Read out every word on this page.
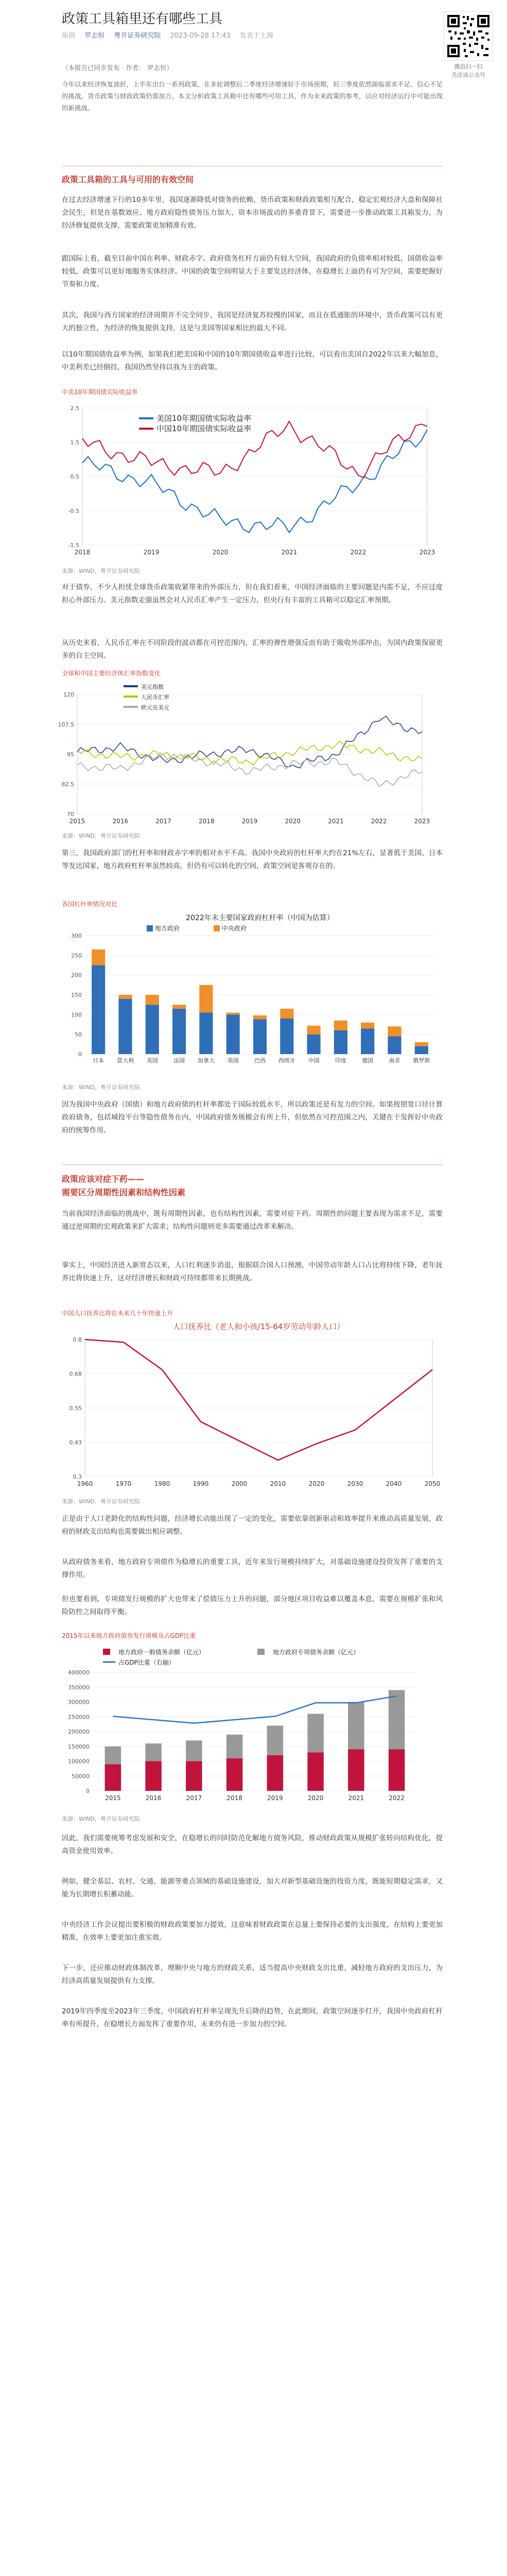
政策工具箱里还有哪些工具
原创 罗志恒 粤开证券研究院 2023-09-28 17:43 发表于上海
微信扫一扫
关注该公众号
（本报告已同步发布 · 作者： 罗志恒）
今年以来经济恢复波折，上半年出台一系列政策，在多轮调整后二季度经济增速好于市场预期，但三季度依然面临需求不足、信心不足的挑战，货币政策与财政政策仍需加力。本文分析政策工具箱中还有哪些可用工具，作为未来政策的参考，以应对经济运行中可能出现的新挑战。
政策工具箱的工具与可用的有效空间
在过去经济增速下行的10多年里，我国逐渐降低对债务的依赖，货币政策和财政政策相互配合，稳定宏观经济大盘和保障社会民生，但是在基数效应、地方政府隐性债务压力加大、资本市场波动的多重背景下，需要进一步推动政策工具箱发力，为经济修复提供支撑，需要政策更加精准有效。
跟国际上看，截至目前中国在利率、财政赤字、政府债务杠杆方面仍有较大空间，我国政府的负债率相对较低，国债收益率较低，政策可以更好地服务实体经济。中国的政策空间明显大于主要发达经济体，在稳增长上面仍有可为空间，需要把握好节奏和力度。
其次，我国与西方国家的经济周期并不完全同步，我国是经济复苏较慢的国家，而且在低通胀的环境中，货币政策可以有更大的独立性，为经济的恢复提供支持，这是与美国等国家相比的最大不同。
以10年期国债收益率为例，如果我们把美国和中国的10年期国债收益率进行比较，可以看出美国自2022年以来大幅加息，中美利差已经倒挂，我国仍然坚持以我为主的政策。
中美10年期国债实际收益率
-1.5
-0.5
0.5
1.5
2.5
2018	2019	2020	2021	2022	2023
美国10年期国债实际收益率
中国10年期国债实际收益率
来源：WIND，粤开证券研究院
对于债券，不少人担忧全球货币政策收紧带来的外部压力，但在我们看来，中国经济面临的主要问题是内需不足，不应过度担心外部压力。美元指数走强虽然会对人民币汇率产生一定压力，但央行有丰富的工具箱可以稳定汇率预期。
从历史来看，人民币汇率在不同阶段的波动都在可控范围内，汇率的弹性增强反而有助于吸收外部冲击，为国内政策保留更多的自主空间。
全球和中国主要经济体汇率指数变化
70
82.5
95
107.5
120
2015	2016	2017	2018	2019	2020	2021	2022	2023
美元指数
人民币汇率
欧元兑美元
来源：WIND，粤开证券研究院
第三，我国政府部门的杠杆率和财政赤字率的相对水平不高。我国中央政府的杠杆率大约在21%左右，显著低于美国、日本等发达国家，地方政府杠杆率虽然较高，但仍有可以转化的空间，政策空间是客观存在的。
各国杠杆率情况对比
2022年末主要国家政府杠杆率（中国为估算）
地方政府	中央政府
0
50
100
150
200
250
300
日本 意大利 美国	法国 加拿大 英国	巴西 西班牙 中国	印度	德国	南非 俄罗斯
来源：WIND，粤开证券研究院
因为我国中央政府（国债）和地方政府债的杠杆率都处于国际较低水平，所以政策还是有发力的空间。如果按照宽口径计算政府债务，包括城投平台等隐性债务在内，中国政府债务规模会有所上升，但依然在可控范围之内，关键在于发挥好中央政府的统筹作用。
政策应该对症下药——
需要区分周期性因素和结构性因素
当前我国经济面临的挑战中，既有周期性因素，也有结构性因素，需要对症下药。周期性的问题主要表现为需求不足，需要通过逆周期的宏观政策来扩大需求；结构性问题则更多需要通过改革来解决。
事实上，中国经济进入新常态以来，人口红利逐步消退，根据联合国人口预测，中国劳动年龄人口占比将持续下降，老年抚养比将快速上升，这对经济增长和财政可持续都带来长期挑战。
中国人口抚养比将在未来几十年快速上升
0.3
0.43
0.55
0.68
0.8
1960	1970	1980	1990	2000	2010	2020	2030	2040	2050
人口抚养比（老人和小孩/15-64岁劳动年龄人口）
来源：WIND，粤开证券研究院
正是由于人口老龄化的结构性问题，经济增长动能出现了一定的变化，需要依靠创新驱动和效率提升来推动高质量发展，政府的财政支出结构也需要做出相应调整。
从政府债务来看，地方政府专项债作为稳增长的重要工具，近年来发行规模持续扩大，对基础设施建设投资发挥了重要的支撑作用。
但也要看到，专项债发行规模的扩大也带来了偿债压力上升的问题，部分地区项目收益难以覆盖本息，需要在规模扩张和风险防控之间取得平衡。
2015年以来地方政府债券发行规模及占GDP比重
地方政府一般债务余额（亿元）	地方政府专项债务余额（亿元）
占GDP比重（右轴）
0
50000
100000
150000
200000
250000
300000
350000
400000
2015	2016	2017	2018	2019	2020	2021	2022
来源：WIND，粤开证券研究院
因此，我们需要统筹考虑发展和安全，在稳增长的同时防范化解地方债务风险，推动财政政策从规模扩张转向结构优化，提高资金使用效率。
例如，健全基层、农村、交通、能源等重点领域的基础设施建设，加大对新型基础设施的投资力度，既能短期稳定需求，又能为长期增长积蓄动能。
中央经济工作会议提出要积极的财政政策要加力提效，这意味着财政政策在总量上要保持必要的支出强度，在结构上要更加精准，在效率上要更加注重实效。
下一步，还应推动财政体制改革，理顺中央与地方的财政关系，适当提高中央财政支出比重，减轻地方政府的支出压力，为经济高质量发展提供有力支撑。
2019年四季度至2023年三季度，中国政府杠杆率呈现先升后降的趋势，在此期间，政策空间逐步打开，我国中央政府杠杆率有所提升，在稳增长方面发挥了重要作用，未来仍有进一步加力的空间。
